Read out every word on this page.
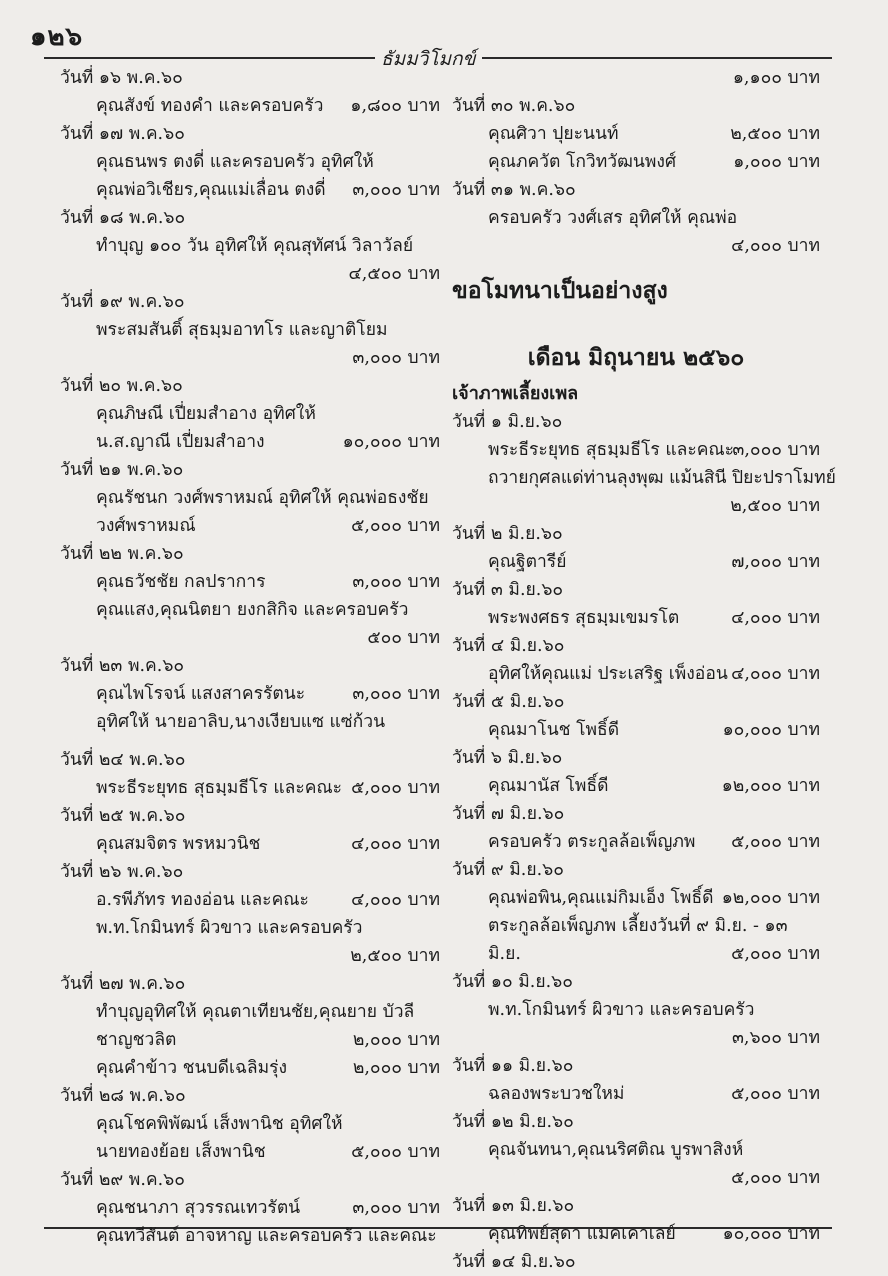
๑๒๖
ธัมมวิโมกข์
วันที่ ๑๖ พ.ค.๖๐
คุณสังข์ ทองคำ และครอบครัว ๑,๘๐๐ บาท
วันที่ ๑๗ พ.ค.๖๐
คุณธนพร ตงดี่ และครอบครัว อุทิศให้
คุณพ่อวิเชียร,คุณแม่เลื่อน ตงดี่ ๓,๐๐๐ บาท
วันที่ ๑๘ พ.ค.๖๐
ทำบุญ ๑๐๐ วัน อุทิศให้ คุณสุทัศน์ วิลาวัลย์
๔,๕๐๐ บาท
วันที่ ๑๙ พ.ค.๖๐
พระสมสันติ์ สุธมฺมอาทโร และญาติโยม
๓,๐๐๐ บาท
วันที่ ๒๐ พ.ค.๖๐
คุณภิษณี เปี่ยมสำอาง อุทิศให้
น.ส.ญาณี เปี่ยมสำอาง	๑๐,๐๐๐ บาท
วันที่ ๒๑ พ.ค.๖๐
คุณรัชนก วงศ์พราหมณ์ อุทิศให้ คุณพ่อธงชัย
วงศ์พราหมณ์	๕,๐๐๐ บาท
วันที่ ๒๒ พ.ค.๖๐
คุณธวัชชัย กลปราการ	๓,๐๐๐ บาท
คุณแสง,คุณนิตยา ยงกสิกิจ และครอบครัว
๕๐๐ บาท
วันที่ ๒๓ พ.ค.๖๐
คุณไพโรจน์ แสงสาครรัตนะ	๓,๐๐๐ บาท
อุทิศให้ นายอาลิบ,นางเงียบแซ แซ่ก้วน
วันที่ ๒๔ พ.ค.๖๐
พระธีระยุทธ สุธมฺมธีโร และคณะ ๕,๐๐๐ บาท
วันที่ ๒๕ พ.ค.๖๐
คุณสมจิตร พรหมวนิช	๔,๐๐๐ บาท
วันที่ ๒๖ พ.ค.๖๐
อ.รพีภัทร ทองอ่อน และคณะ ๔,๐๐๐ บาท
พ.ท.โกมินทร์ ผิวขาว และครอบครัว
๒,๕๐๐ บาท
วันที่ ๒๗ พ.ค.๖๐
ทำบุญอุทิศให้ คุณตาเทียนชัย,คุณยาย บัวลี
ชาญชวลิต	๒,๐๐๐ บาท
คุณคำข้าว ชนบดีเฉลิมรุ่ง	๒,๐๐๐ บาท
วันที่ ๒๘ พ.ค.๖๐
คุณโชคพิพัฒน์ เส็งพานิช อุทิศให้
นายทองย้อย เส็งพานิช	๕,๐๐๐ บาท
วันที่ ๒๙ พ.ค.๖๐
คุณชนาภา สุวรรณเทวรัตน์	๓,๐๐๐ บาท
คุณทวีสันต์ อาจหาญ และครอบครัว และคณะ
๑,๑๐๐ บาท
วันที่ ๓๐ พ.ค.๖๐
คุณศิวา ปุยะนนท์	๒,๕๐๐ บาท
คุณภควัต โกวิทวัฒนพงศ์	๑,๐๐๐ บาท
วันที่ ๓๑ พ.ค.๖๐
ครอบครัว วงศ์เสร อุทิศให้ คุณพ่อ
๔,๐๐๐ บาท
ขอโมทนาเป็นอย่างสูง
เดือน มิถุนายน ๒๕๖๐
เจ้าภาพเลี้ยงเพล
วันที่ ๑ มิ.ย.๖๐
พระธีระยุทธ สุธมฺมธีโร และคณะ
๓,๐๐๐ บาท
ถวายกุศลแด่ท่านลุงพุฒ แม้นสินี ปิยะปราโมทย์
๒,๕๐๐ บาท
วันที่ ๒ มิ.ย.๖๐
คุณฐิตารีย์	๗,๐๐๐ บาท
วันที่ ๓ มิ.ย.๖๐
พระพงศธร สุธมฺมเขมรโต	๔,๐๐๐ บาท
วันที่ ๔ มิ.ย.๖๐
อุทิศให้คุณแม่ ประเสริฐ เพ็งอ่อน ๔,๐๐๐ บาท
วันที่ ๕ มิ.ย.๖๐
คุณมาโนช โพธิ์ดี	๑๐,๐๐๐ บาท
วันที่ ๖ มิ.ย.๖๐
คุณมานัส โพธิ์ดี	๑๒,๐๐๐ บาท
วันที่ ๗ มิ.ย.๖๐
ครอบครัว ตระกูลล้อเพ็ญภพ ๕,๐๐๐ บาท
วันที่ ๙ มิ.ย.๖๐
คุณพ่อพิน,คุณแม่กิมเอ็ง โพธิ์ดี ๑๒,๐๐๐ บาท
ตระกูลล้อเพ็ญภพ เลี้ยงวันที่ ๙ มิ.ย. - ๑๓
มิ.ย.	๕,๐๐๐ บาท
วันที่ ๑๐ มิ.ย.๖๐
พ.ท.โกมินทร์ ผิวขาว และครอบครัว
๓,๖๐๐ บาท
วันที่ ๑๑ มิ.ย.๖๐
ฉลองพระบวชใหม่	๕,๐๐๐ บาท
วันที่ ๑๒ มิ.ย.๖๐
คุณจันทนา,คุณนริศติณ บูรพาสิงห์
๕,๐๐๐ บาท
วันที่ ๑๓ มิ.ย.๖๐
คุณทิพย์สุดา แมคเคาเลย์	๑๐,๐๐๐ บาท
วันที่ ๑๔ มิ.ย.๖๐
